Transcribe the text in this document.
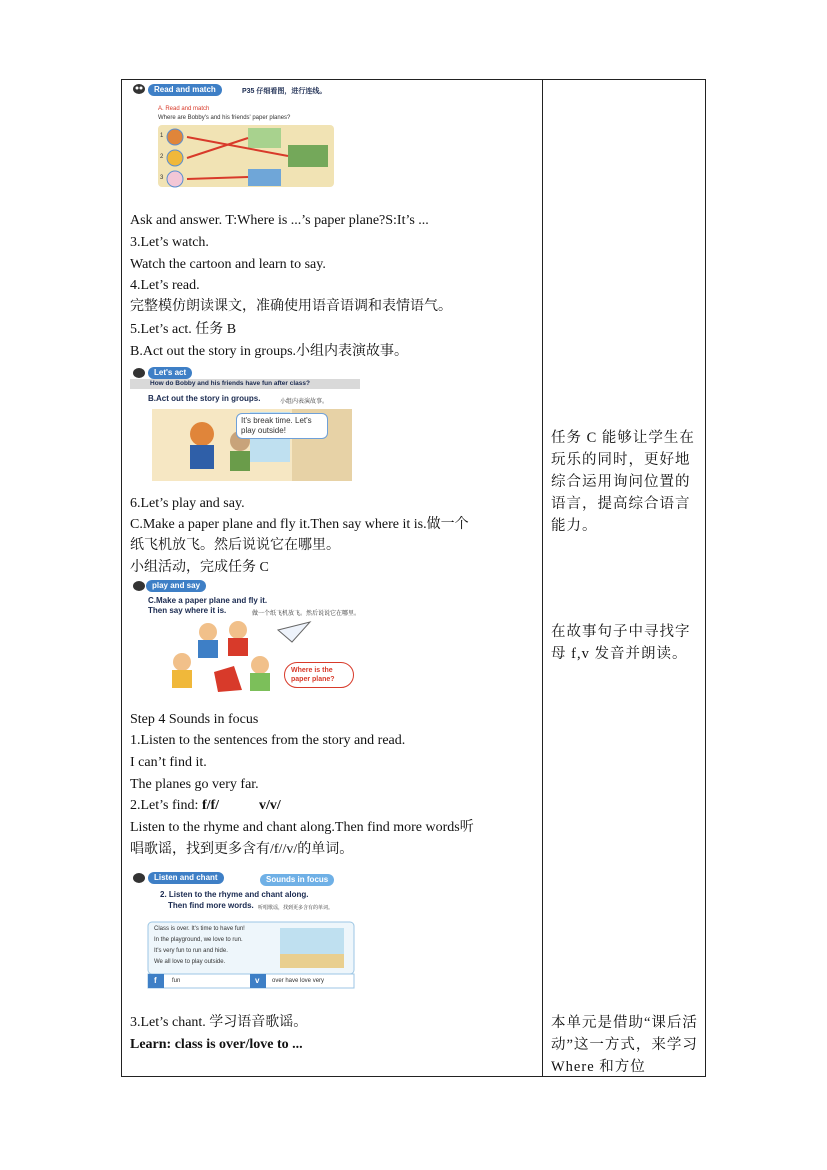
Read and match	P35 仔细看图，进行连线。
A. Read and match
Where are Bobby's and his friends' paper planes?
1
2
3
Ask and answer. T:Where is ...’s paper plane?S:It’s ...
3.Let’s watch.
Watch the cartoon and learn to say.
4.Let’s read.
完整模仿朗读课文，准确使用语音语调和表情语气。
5.Let’s act. 任务 B
B.Act out the story in groups.小组内表演故事。
Let's act
How do Bobby and his friends have fun after class?
B.Act out the story in groups.	小组内表演故事。
It's break time. Let's play outside!
6.Let’s play and say.
C.Make a paper plane and fly it.Then say where it is.做一个
纸飞机放飞。然后说说它在哪里。
小组活动，完成任务 C
play and say
C.Make a paper plane and fly it.
Then say where it is.	做一个纸飞机放飞。然后说说它在哪里。
Where is the paper plane?
Step 4 Sounds in focus
1.Listen to the sentences from the story and read.
I can’t find it.
The planes go very far.
2.Let’s find: f/f/	v/v/
Listen to the rhyme and chant along.Then find more words听
唱歌谣，找到更多含有/f//v/的单词。
Listen and chant	Sounds in focus
2. Listen to the rhyme and chant along.
Then find more words. 听唱歌谣，找到更多含有的单词。
Class is over. It's time to have fun!
In the playground, we love to run.
It's very fun to run and hide.
We all love to play outside.
f	fun	v over have love very
3.Let’s chant. 学习语音歌谣。
Learn: class is over/love to ...
任务 C 能够让学生在玩乐的同时，更好地综合运用询问位置的语言，提高综合语言能力。
在故事句子中寻找字母 f,v 发音并朗读。
本单元是借助“课后活动”这一方式，来学习 Where 和方位
